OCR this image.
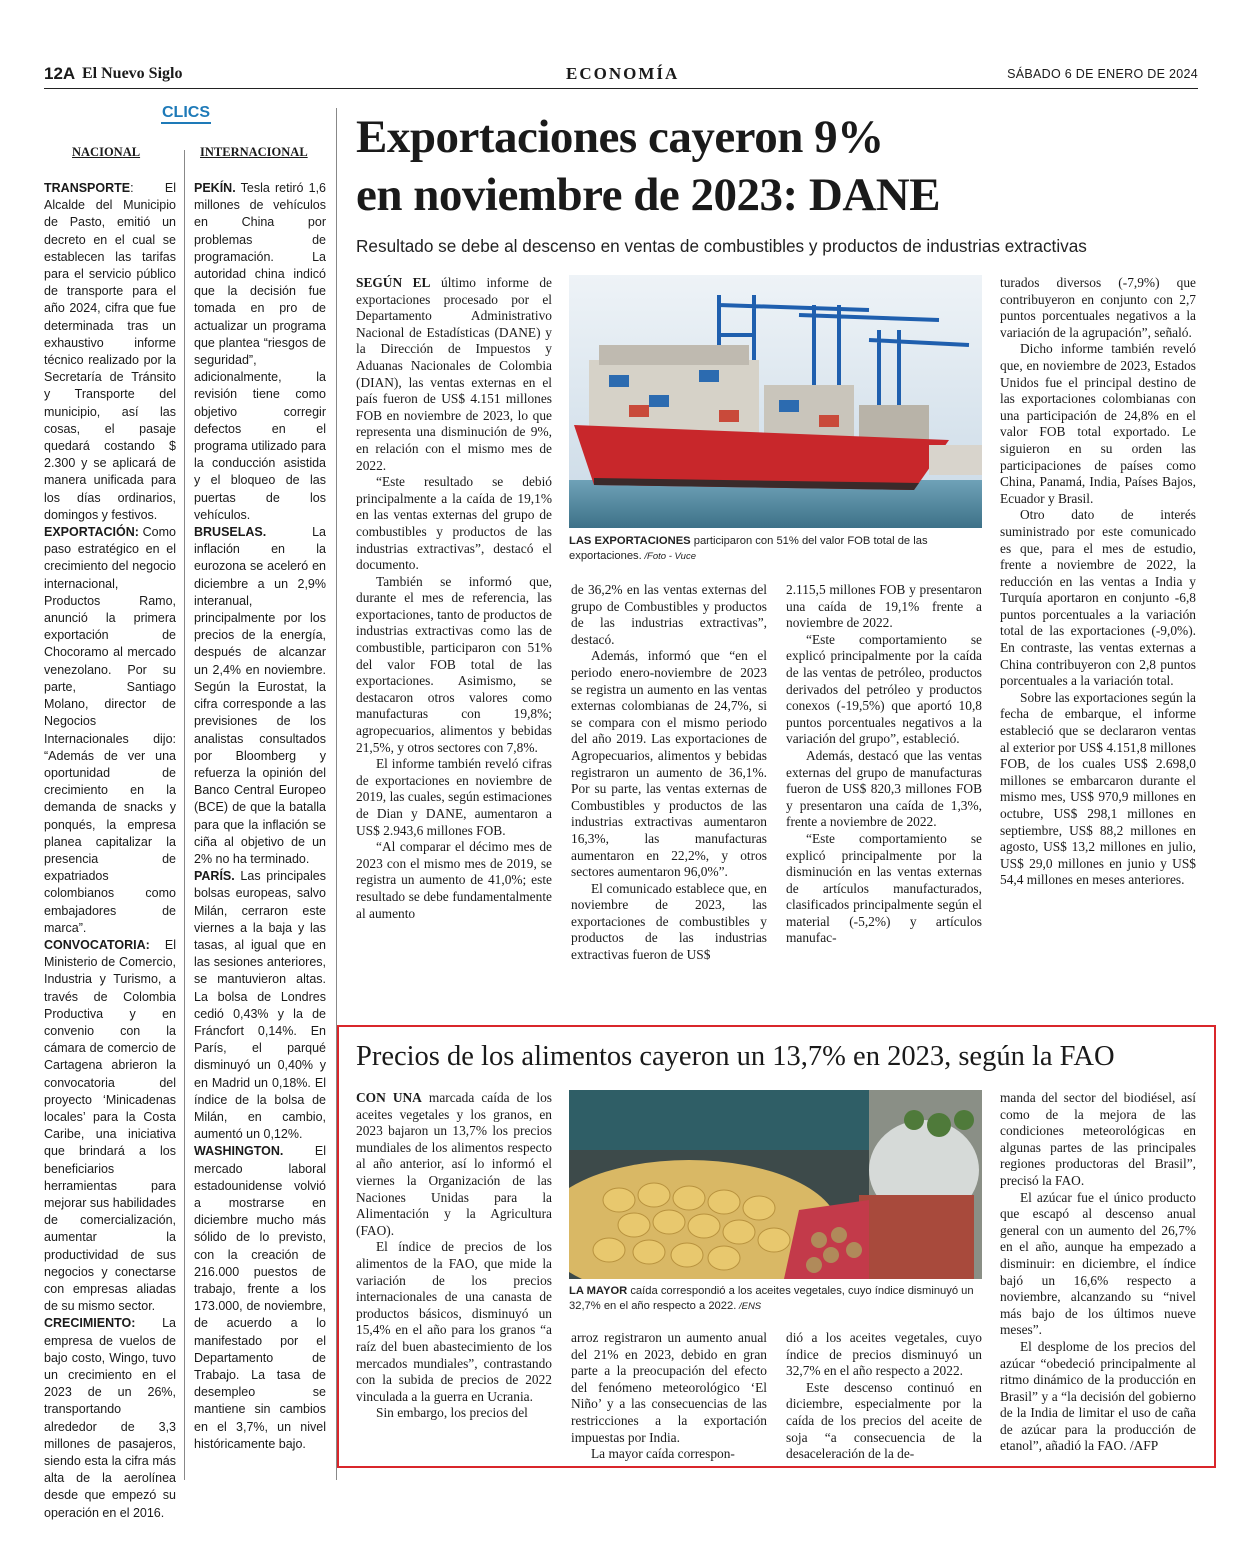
12A El Nuevo Siglo	ECONOMÍA	SÁBADO 6 DE ENERO DE 2024
CLICS
NACIONAL	INTERNACIONAL

TRANSPORTE: El Alcalde del Municipio de Pasto, emitió un decreto en el cual se establecen las tarifas para el servicio público de transporte para el año 2024, cifra que fue determinada tras un exhaustivo informe técnico realizado por la Secretaría de Tránsito y Transporte del municipio, así las cosas, el pasaje quedará costando $ 2.300 y se aplicará de manera unificada para los días ordinarios, domingos y festivos.

EXPORTACIÓN: Como paso estratégico en el crecimiento del negocio internacional, Productos Ramo, anunció la primera exportación de Chocoramo al mercado venezolano. Por su parte, Santiago Molano, director de Negocios Internacionales dijo: “Además de ver una oportunidad de crecimiento en la demanda de snacks y ponqués, la empresa planea capitalizar la presencia de expatriados colombianos como embajadores de marca”.

CONVOCATORIA: El Ministerio de Comercio, Industria y Turismo, a través de Colombia Productiva y en convenio con la cámara de comercio de Cartagena abrieron la convocatoria del proyecto ‘Minicadenas locales’ para la Costa Caribe, una iniciativa que brindará a los beneficiarios herramientas para mejorar sus habilidades de comercialización, aumentar la productividad de sus negocios y conectarse con empresas aliadas de su mismo sector.

CRECIMIENTO: La empresa de vuelos de bajo costo, Wingo, tuvo un crecimiento en el 2023 de un 26%, transportando alrededor de 3,3 millones de pasajeros, siendo esta la cifra más alta de la aerolínea desde que empezó su operación en el 2016.

PEKÍN. Tesla retiró 1,6 millones de vehículos en China por problemas de programación. La autoridad china indicó que la decisión fue tomada en pro de actualizar un programa que plantea “riesgos de seguridad”, adicionalmente, la revisión tiene como objetivo corregir defectos en el programa utilizado para la conducción asistida y el bloqueo de las puertas de los vehículos.

BRUSELAS.	La inflación en la eurozona se aceleró en diciembre a un 2,9% interanual, principalmente por los precios de la energía, después de alcanzar un 2,4% en noviembre. Según la Eurostat, la cifra corresponde a las previsiones de los analistas consultados por Bloomberg y refuerza la opinión del Banco Central Europeo (BCE) de que la batalla para que la inflación se ciña al objetivo de un 2% no ha terminado.

PARÍS. Las principales bolsas europeas, salvo Milán, cerraron este viernes a la baja y las tasas, al igual que en las sesiones anteriores, se mantuvieron altas. La bolsa de Londres cedió 0,43% y la de Fráncfort 0,14%. En París, el parqué disminuyó un 0,40% y en Madrid un 0,18%. El índice de la bolsa de Milán, en cambio, aumentó un 0,12%.

WASHINGTON.	El mercado laboral estadounidense volvió a mostrarse en diciembre mucho más sólido de lo previsto, con la creación de 216.000 puestos de trabajo, frente a los 173.000, de noviembre, de acuerdo a lo manifestado por el Departamento de Trabajo. La tasa de desempleo se mantiene sin cambios en el 3,7%, un nivel históricamente bajo.

Exportaciones cayeron 9%
en noviembre de 2023: DANE
Resultado se debe al descenso en ventas de combustibles y productos de industrias extractivas

SEGÚN EL último informe de exportaciones procesado por el Departamento Administrativo Nacional de Estadísticas (DANE) y la Dirección de Impuestos y Aduanas Nacionales de Colombia (DIAN), las ventas externas en el país fueron de US$ 4.151 millones FOB en noviembre de 2023, lo que representa una disminución de 9%, en relación con el mismo mes de 2022.

“Este resultado se debió principalmente a la caída de 19,1% en las ventas externas del grupo de combustibles y productos de las industrias extractivas”, destacó el documento.

También se informó que, durante el mes de referencia, las exportaciones, tanto de productos de industrias extractivas como las de combustible, participaron con 51% del valor FOB total de las exportaciones. Asimismo, se destacaron otros valores como manufacturas con 19,8%; agropecuarios, alimentos y bebidas 21,5%, y otros sectores con 7,8%.

El informe también reveló cifras de exportaciones en noviembre de 2019, las cuales, según estimaciones de Dian y DANE, aumentaron a US$ 2.943,6 millones FOB.

“Al comparar el décimo mes de 2023 con el mismo mes de 2019, se registra un aumento de 41,0%; este resultado se debe fundamentalmente al aumento

LAS EXPORTACIONES participaron con 51% del valor FOB total de las exportaciones. /Foto - Vuce

de 36,2% en las ventas externas del grupo de Combustibles y productos de las industrias extractivas”, destacó.

Además, informó que “en el periodo enero-noviembre de 2023 se registra un aumento en las ventas externas colombianas de 24,7%, si se compara con el mismo periodo del año 2019. Las exportaciones de Agropecuarios, alimentos y bebidas registraron un aumento de 36,1%. Por su parte, las ventas externas de Combustibles y productos de las industrias extractivas aumentaron 16,3%, las manufacturas aumentaron en 22,2%, y otros sectores aumentaron 96,0%”.

El comunicado establece que, en noviembre de 2023, las exportaciones de combustibles y productos de las industrias extractivas fueron de US$

2.115,5 millones FOB y presentaron una caída de 19,1% frente a noviembre de 2022.

“Este comportamiento se explicó principalmente por la caída de las ventas de petróleo, productos derivados del petróleo y productos conexos (-19,5%) que aportó 10,8 puntos porcentuales negativos a la variación del grupo”, estableció.

Además, destacó que las ventas externas del grupo de manufacturas fueron de US$ 820,3 millones FOB y presentaron una caída de 1,3%, frente a noviembre de 2022.

“Este comportamiento se explicó principalmente por la disminución en las ventas externas de artículos manufacturados, clasificados principalmente según el material (-5,2%) y artículos manufac-

turados diversos (-7,9%) que contribuyeron en conjunto con 2,7 puntos porcentuales negativos a la variación de la agrupación”, señaló.

Dicho informe también reveló que, en noviembre de 2023, Estados Unidos fue el principal destino de las exportaciones colombianas con una participación de 24,8% en el valor FOB total exportado. Le siguieron en su orden las participaciones de países como China, Panamá, India, Países Bajos, Ecuador y Brasil.

Otro dato de interés suministrado por este comunicado es que, para el mes de estudio, frente a noviembre de 2022, la reducción en las ventas a India y Turquía aportaron en conjunto -6,8 puntos porcentuales a la variación total de las exportaciones (-9,0%). En contraste, las ventas externas a China contribuyeron con 2,8 puntos porcentuales a la variación total.

Sobre las exportaciones según la fecha de embarque, el informe estableció que se declararon ventas al exterior por US$ 4.151,8 millones FOB, de los cuales US$ 2.698,0 millones se embarcaron durante el mismo mes, US$ 970,9 millones en octubre, US$ 298,1 millones en septiembre, US$ 88,2 millones en agosto, US$ 13,2 millones en julio, US$ 29,0 millones en junio y US$ 54,4 millones en meses anteriores.

Precios de los alimentos cayeron un 13,7% en 2023, según la FAO

CON UNA marcada caída de los aceites vegetales y los granos, en 2023 bajaron un 13,7% los precios mundiales de los alimentos respecto al año anterior, así lo informó el viernes la Organización de las Naciones Unidas para la Alimentación y la Agricultura (FAO).

El índice de precios de los alimentos de la FAO, que mide la variación de los precios internacionales de una canasta de productos básicos, disminuyó un 15,4% en el año para los granos “a raíz del buen abastecimiento de los mercados mundiales”, contrastando con la subida de precios de 2022 vinculada a la guerra en Ucrania.

Sin embargo, los precios del

LA MAYOR caída correspondió a los aceites vegetales, cuyo índice disminuyó un 32,7% en el año respecto a 2022. /ENS

arroz registraron un aumento anual del 21% en 2023, debido en gran parte a la preocupación del efecto del fenómeno meteorológico ‘El Niño’ y a las consecuencias de las restricciones a la exportación impuestas por India.

La mayor caída correspon-

dió a los aceites vegetales, cuyo índice de precios disminuyó un 32,7% en el año respecto a 2022.

Este descenso continuó en diciembre, especialmente por la caída de los precios del aceite de soja “a consecuencia de la desaceleración de la de-

manda del sector del biodiésel, así como de la mejora de las condiciones meteorológicas en algunas partes de las principales regiones productoras del Brasil”, precisó la FAO.

El azúcar fue el único producto que escapó al descenso anual general con un aumento del 26,7% en el año, aunque ha empezado a disminuir: en diciembre, el índice bajó un 16,6% respecto a noviembre, alcanzando su “nivel más bajo de los últimos nueve meses”.

El desplome de los precios del azúcar “obedeció principalmente al ritmo dinámico de la producción en Brasil” y a “la decisión del gobierno de la India de limitar el uso de caña de azúcar para la producción de etanol”, añadió la FAO. /AFP
